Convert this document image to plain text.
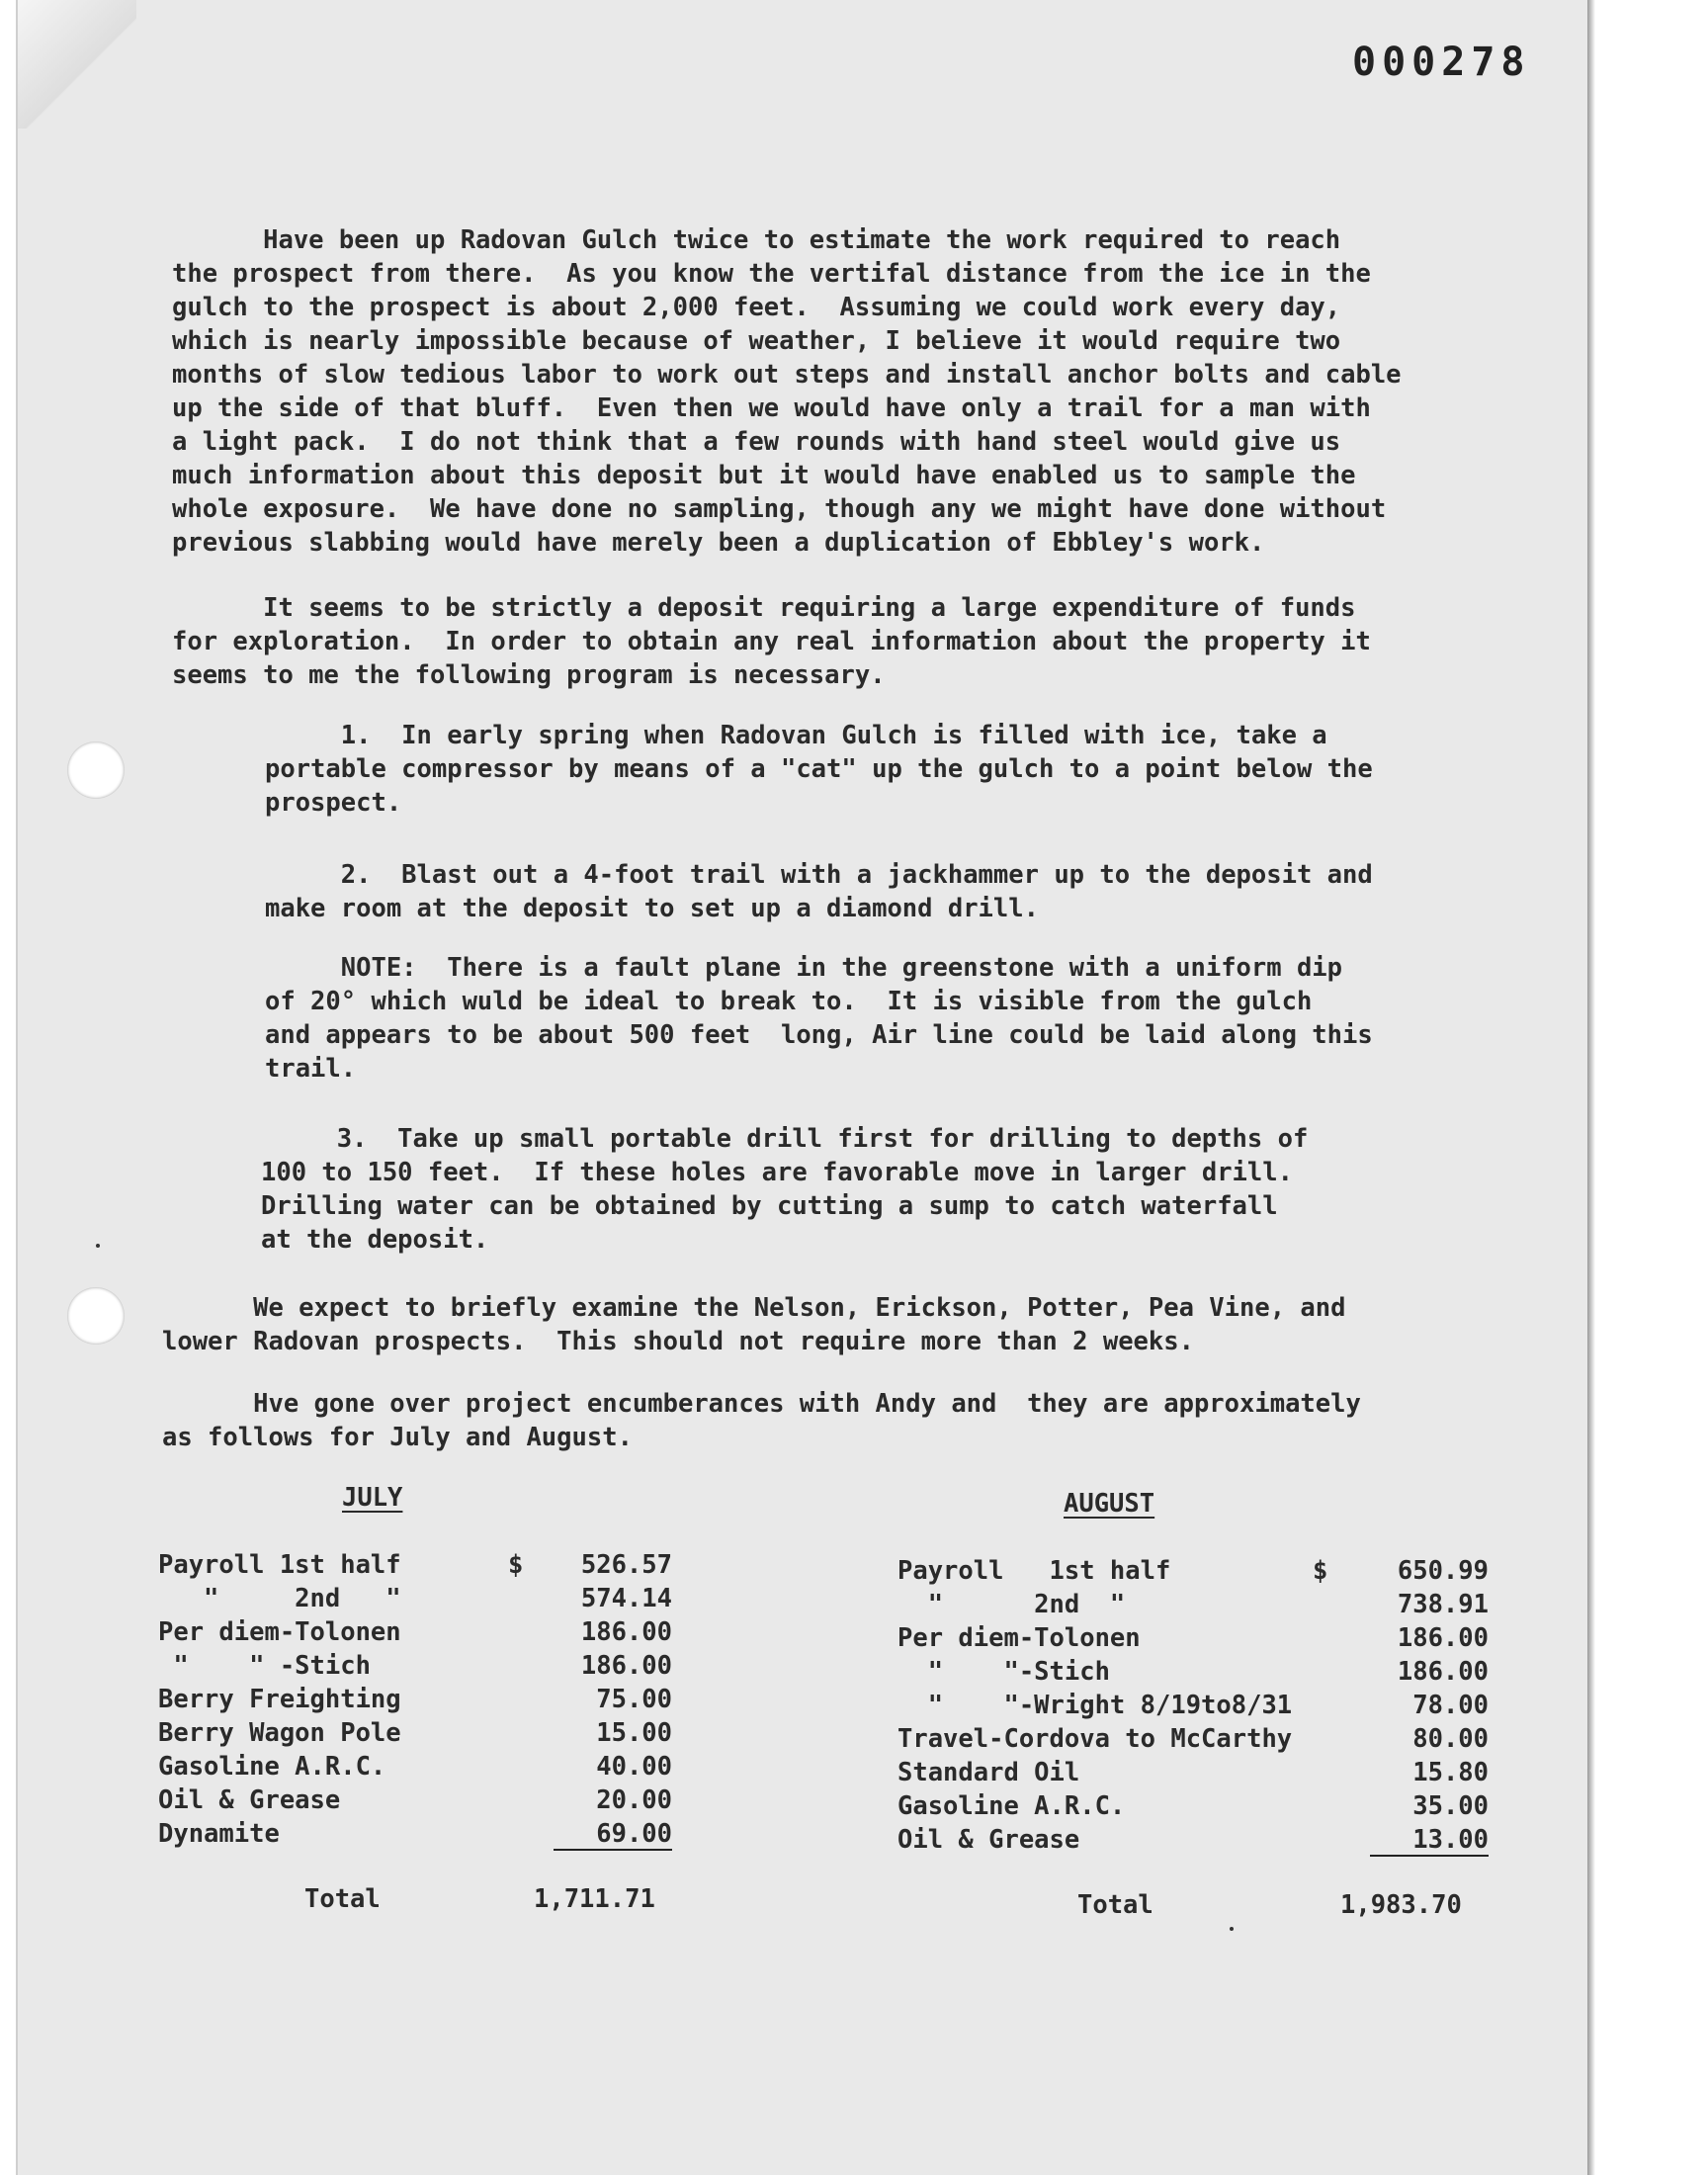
000278

Have been up Radovan Gulch twice to estimate the work required to reach
the prospect from there.  As you know the vertifal distance from the ice in the
gulch to the prospect is about 2,000 feet.  Assuming we could work every day,
which is nearly impossible because of weather, I believe it would require two
months of slow tedious labor to work out steps and install anchor bolts and cable
up the side of that bluff.  Even then we would have only a trail for a man with
a light pack.  I do not think that a few rounds with hand steel would give us
much information about this deposit but it would have enabled us to sample the
whole exposure.  We have done no sampling, though any we might have done without
previous slabbing would have merely been a duplication of Ebbley's work.

It seems to be strictly a deposit requiring a large expenditure of funds
for exploration.  In order to obtain any real information about the property it
seems to me the following program is necessary.

1.  In early spring when Radovan Gulch is filled with ice, take a
portable compressor by means of a "cat" up the gulch to a point below the
prospect.

2.  Blast out a 4-foot trail with a jackhammer up to the deposit and
make room at the deposit to set up a diamond drill.

NOTE:  There is a fault plane in the greenstone with a uniform dip
of 20° which wuld be ideal to break to.  It is visible from the gulch
and appears to be about 500 feet  long, Air line could be laid along this
trail.

3.  Take up small portable drill first for drilling to depths of
100 to 150 feet.  If these holes are favorable move in larger drill.
Drilling water can be obtained by cutting a sump to catch waterfall
at the deposit.

We expect to briefly examine the Nelson, Erickson, Potter, Pea Vine, and
lower Radovan prospects.  This should not require more than 2 weeks.

Hve gone over project encumberances with Andy and  they are approximately
as follows for July and August.

JULY
Payroll 1st half	$	526.57
"     2nd   "	574.14
Per diem-Tolonen	186.00
"    " -Stich	186.00
Berry Freighting	75.00
Berry Wagon Pole	15.00
Gasoline A.R.C.	40.00
Oil & Grease	20.00
Dynamite	69.00
Total	1,711.71
AUGUST
Payroll   1st half	$	650.99
"      2nd  "	738.91
Per diem-Tolonen	186.00
"    "-Stich	186.00
"    "-Wright 8/19to8/31	78.00
Travel-Cordova to McCarthy	80.00
Standard Oil	15.80
Gasoline A.R.C.	35.00
Oil & Grease	13.00
Total	1,983.70
